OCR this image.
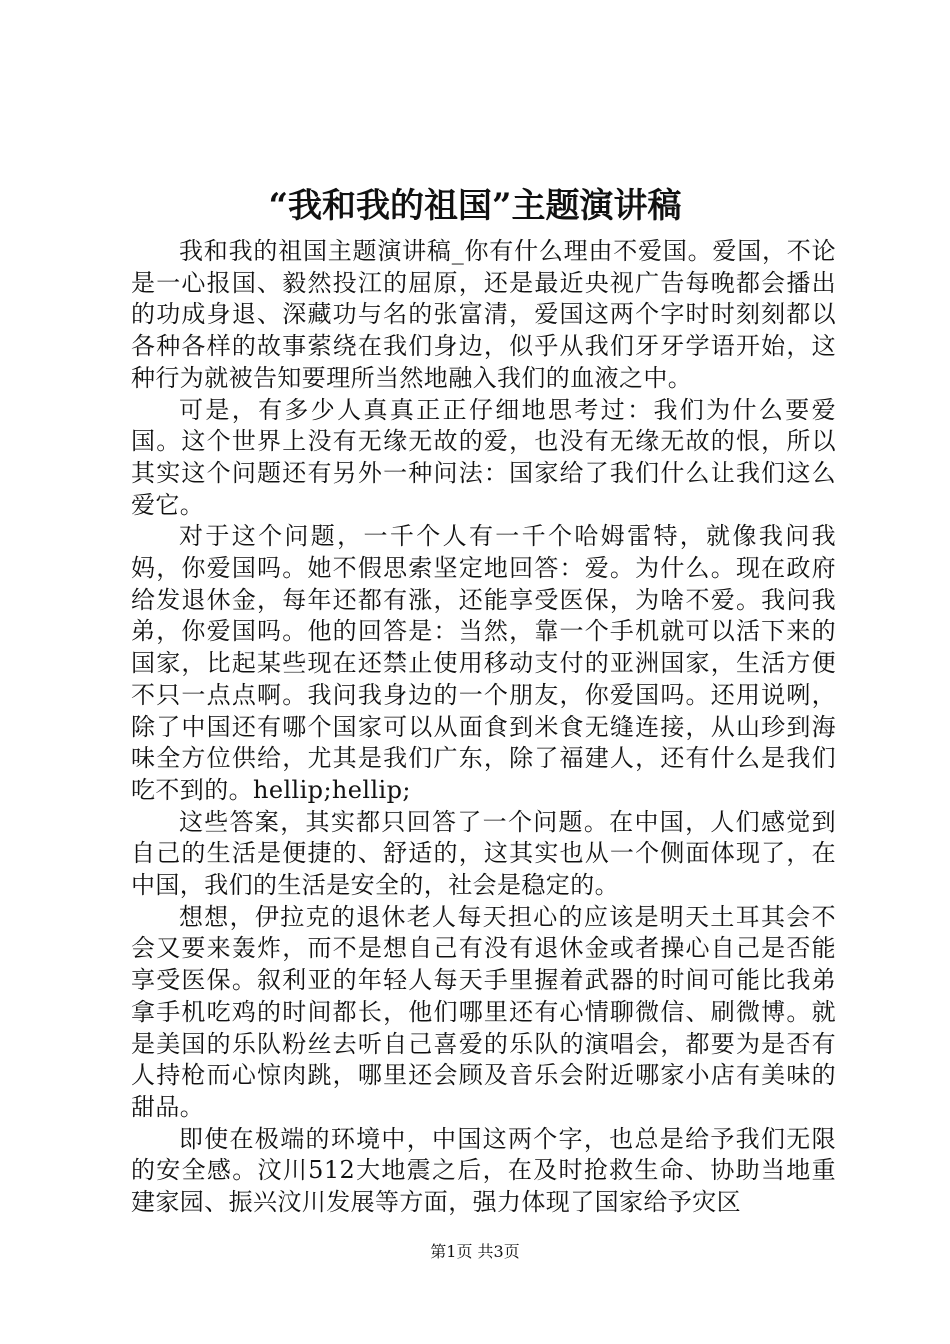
“我和我的祖国”主题演讲稿

我和我的祖国主题演讲稿_你有什么理由不爱国。爱国，不论是一心报国、毅然投江的屈原，还是最近央视广告每晚都会播出的功成身退、深藏功与名的张富清，爱国这两个字时时刻刻都以各种各样的故事萦绕在我们身边，似乎从我们牙牙学语开始，这种行为就被告知要理所当然地融入我们的血液之中。

可是，有多少人真真正正仔细地思考过：我们为什么要爱国。这个世界上没有无缘无故的爱，也没有无缘无故的恨，所以其实这个问题还有另外一种问法：国家给了我们什么让我们这么爱它。

对于这个问题，一千个人有一千个哈姆雷特，就像我问我妈，你爱国吗。她不假思索坚定地回答：爱。为什么。现在政府给发退休金，每年还都有涨，还能享受医保，为啥不爱。我问我弟，你爱国吗。他的回答是：当然，靠一个手机就可以活下来的国家，比起某些现在还禁止使用移动支付的亚洲国家，生活方便不只一点点啊。我问我身边的一个朋友，你爱国吗。还用说咧，除了中国还有哪个国家可以从面食到米食无缝连接，从山珍到海味全方位供给，尤其是我们广东，除了福建人，还有什么是我们吃不到的。hellip;hellip;

这些答案，其实都只回答了一个问题。在中国，人们感觉到自己的生活是便捷的、舒适的，这其实也从一个侧面体现了，在中国，我们的生活是安全的，社会是稳定的。

想想，伊拉克的退休老人每天担心的应该是明天土耳其会不会又要来轰炸，而不是想自己有没有退休金或者操心自己是否能享受医保。叙利亚的年轻人每天手里握着武器的时间可能比我弟拿手机吃鸡的时间都长，他们哪里还有心情聊微信、刷微博。就是美国的乐队粉丝去听自己喜爱的乐队的演唱会，都要为是否有人持枪而心惊肉跳，哪里还会顾及音乐会附近哪家小店有美味的甜品。

即使在极端的环境中，中国这两个字，也总是给予我们无限的安全感。汶川512大地震之后，在及时抢救生命、协助当地重建家园、振兴汶川发展等方面，强力体现了国家给予灾区

第1页 共3页
